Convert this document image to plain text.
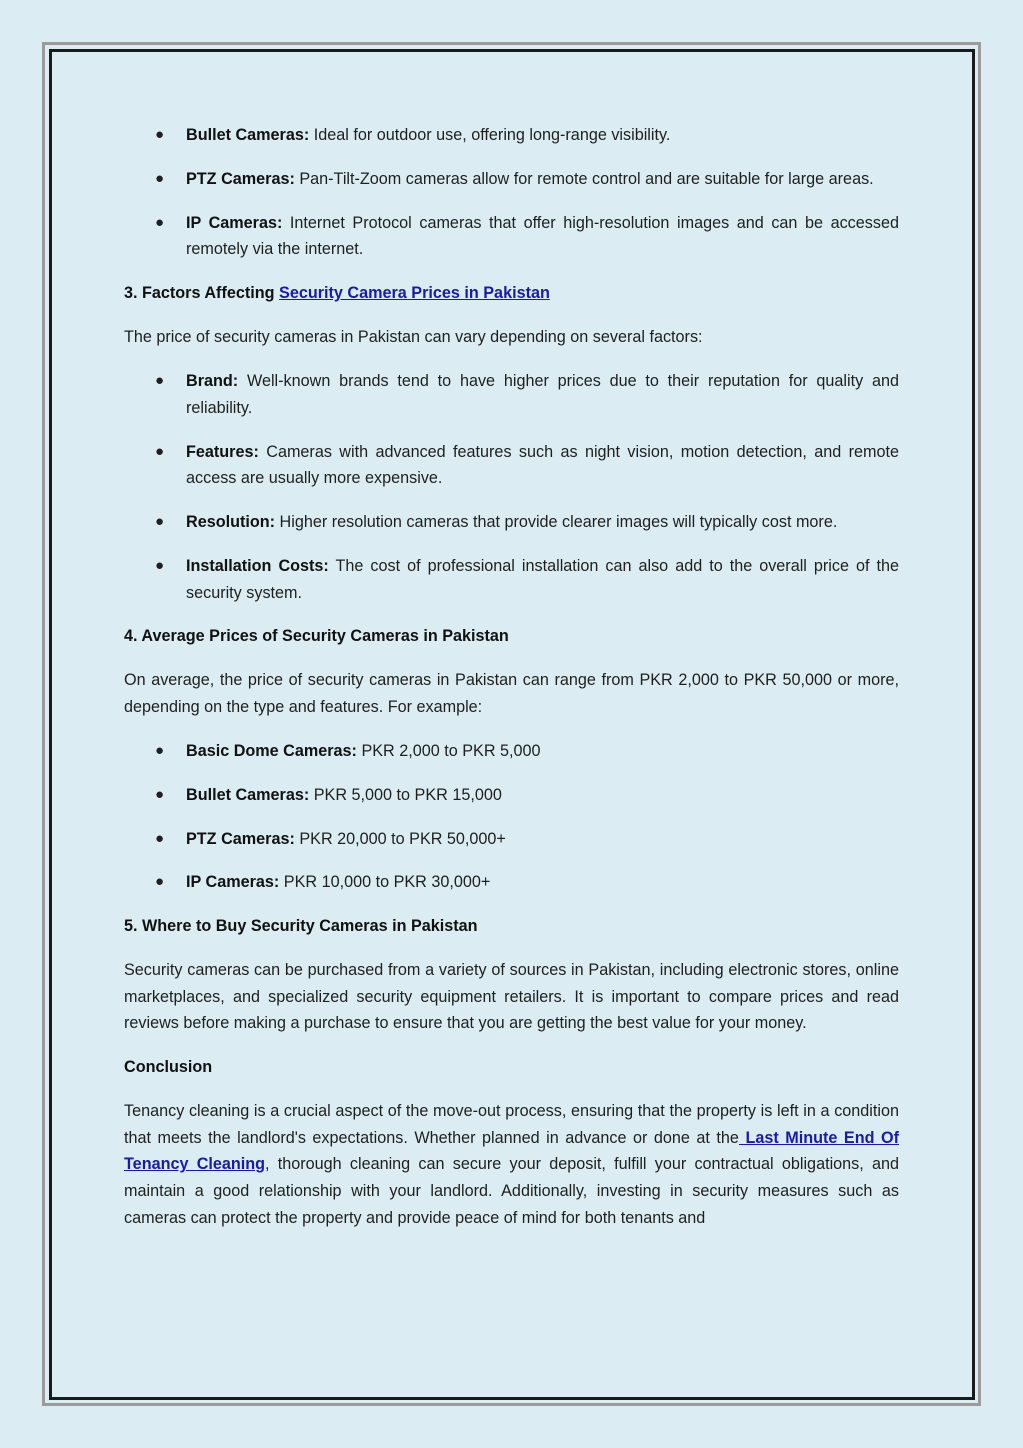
● Bullet Cameras: Ideal for outdoor use, offering long-range visibility.
● PTZ Cameras: Pan-Tilt-Zoom cameras allow for remote control and are suitable for large areas.
● IP Cameras: Internet Protocol cameras that offer high-resolution images and can be accessed remotely via the internet.
3. Factors Affecting Security Camera Prices in Pakistan

The price of security cameras in Pakistan can vary depending on several factors:

● Brand: Well-known brands tend to have higher prices due to their reputation for quality and reliability.
● Features: Cameras with advanced features such as night vision, motion detection, and remote access are usually more expensive.
● Resolution: Higher resolution cameras that provide clearer images will typically cost more.
● Installation Costs: The cost of professional installation can also add to the overall price of the security system.
4. Average Prices of Security Cameras in Pakistan

On average, the price of security cameras in Pakistan can range from PKR 2,000 to PKR 50,000 or more, depending on the type and features. For example:

● Basic Dome Cameras: PKR 2,000 to PKR 5,000
● Bullet Cameras: PKR 5,000 to PKR 15,000
● PTZ Cameras: PKR 20,000 to PKR 50,000+
● IP Cameras: PKR 10,000 to PKR 30,000+
5. Where to Buy Security Cameras in Pakistan

Security cameras can be purchased from a variety of sources in Pakistan, including electronic stores, online marketplaces, and specialized security equipment retailers. It is important to compare prices and read reviews before making a purchase to ensure that you are getting the best value for your money.

Conclusion

Tenancy cleaning is a crucial aspect of the move-out process, ensuring that the property is left in a condition that meets the landlord's expectations. Whether planned in advance or done at the Last Minute End Of Tenancy Cleaning, thorough cleaning can secure your deposit, fulfill your contractual obligations, and maintain a good relationship with your landlord. Additionally, investing in security measures such as cameras can protect the property and provide peace of mind for both tenants and
